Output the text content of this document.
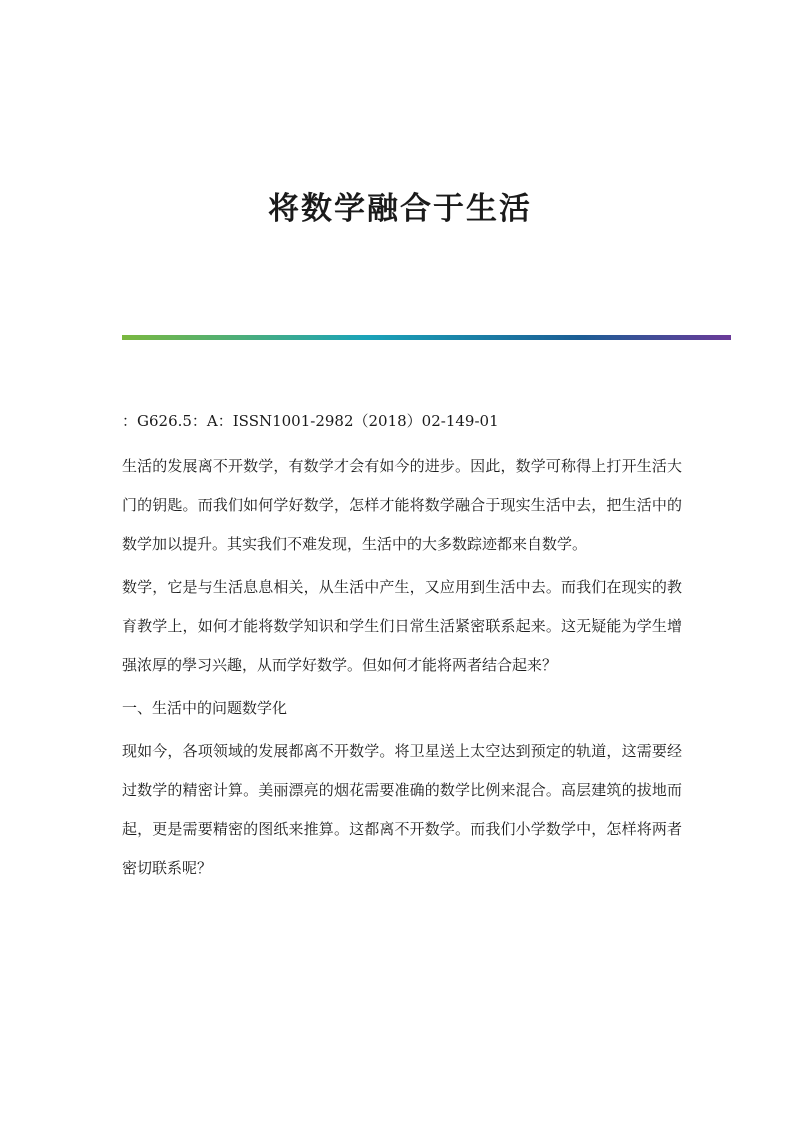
将数学融合于生活

：G626.5：A：ISSN1001-2982（2018）02-149-01

生活的发展离不开数学，有数学才会有如今的进步。因此，数学可称得上打开生活大门的钥匙。而我们如何学好数学，怎样才能将数学融合于现实生活中去，把生活中的数学加以提升。其实我们不难发现，生活中的大多数踪迹都来自数学。

数学，它是与生活息息相关，从生活中产生，又应用到生活中去。而我们在现实的教育教学上，如何才能将数学知识和学生们日常生活紧密联系起来。这无疑能为学生增强浓厚的學习兴趣，从而学好数学。但如何才能将两者结合起来？

一、生活中的问题数学化

现如今，各项领域的发展都离不开数学。将卫星送上太空达到预定的轨道，这需要经过数学的精密计算。美丽漂亮的烟花需要准确的数学比例来混合。高层建筑的拔地而起，更是需要精密的图纸来推算。这都离不开数学。而我们小学数学中，怎样将两者密切联系呢？
